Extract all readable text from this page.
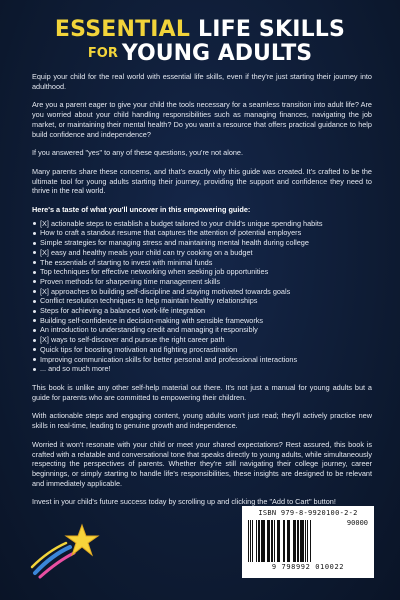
ESSENTIAL LIFE SKILLS
FOR YOUNG ADULTS

Equip your child for the real world with essential life skills, even if they're just starting their journey into adulthood.

Are you a parent eager to give your child the tools necessary for a seamless transition into adult life? Are you worried about your child handling responsibilities such as managing finances, navigating the job market, or maintaining their mental health? Do you want a resource that offers practical guidance to help build confidence and independence?

If you answered "yes" to any of these questions, you're not alone.

Many parents share these concerns, and that's exactly why this guide was created. It's crafted to be the ultimate tool for young adults starting their journey, providing the support and confidence they need to thrive in the real world.

Here's a taste of what you'll uncover in this empowering guide:
[X] actionable steps to establish a budget tailored to your child's unique spending habits
How to craft a standout resume that captures the attention of potential employers
Simple strategies for managing stress and maintaining mental health during college
[X] easy and healthy meals your child can try cooking on a budget
The essentials of starting to invest with minimal funds
Top techniques for effective networking when seeking job opportunities
Proven methods for sharpening time management skills
[X] approaches to building self-discipline and staying motivated towards goals
Conflict resolution techniques to help maintain healthy relationships
Steps for achieving a balanced work-life integration
Building self-confidence in decision-making with sensible frameworks
An introduction to understanding credit and managing it responsibly
[X] ways to self-discover and pursue the right career path
Quick tips for boosting motivation and fighting procrastination
Improving communication skills for better personal and professional interactions
... and so much more!

This book is unlike any other self-help material out there. It's not just a manual for young adults but a guide for parents who are committed to empowering their children.

With actionable steps and engaging content, young adults won't just read; they'll actively practice new skills in real-time, leading to genuine growth and independence.

Worried it won't resonate with your child or meet your shared expectations? Rest assured, this book is crafted with a relatable and conversational tone that speaks directly to young adults, while simultaneously respecting the perspectives of parents. Whether they're still navigating their college journey, career beginnings, or simply starting to handle life's responsibilities, these insights are designed to be relevant and immediately applicable.

Invest in your child's future success today by scrolling up and clicking the "Add to Cart" button!

ISBN 979-8-9920100-2-2
90000
9 798992 010022
